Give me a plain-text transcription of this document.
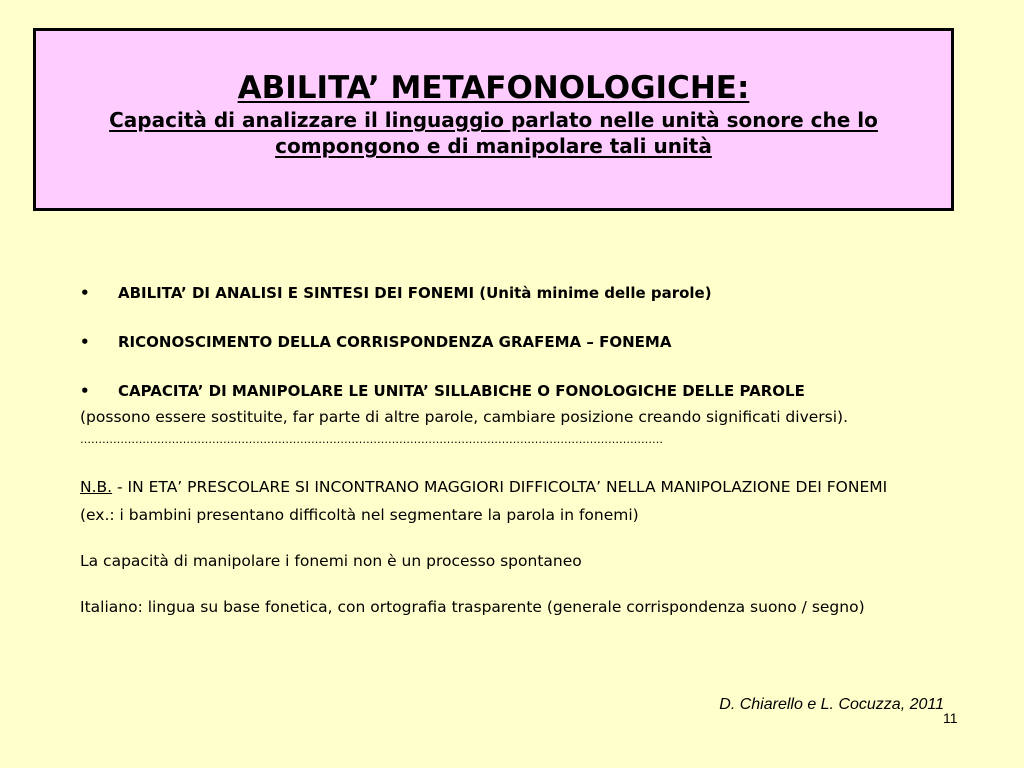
ABILITA’ METAFONOLOGICHE:
Capacità di analizzare il linguaggio parlato nelle unità sonore che lo compongono e di manipolare tali unità
• ABILITA’ DI ANALISI E SINTESI DEI FONEMI (Unità minime delle parole)
• RICONOSCIMENTO DELLA CORRISPONDENZA GRAFEMA – FONEMA
• CAPACITA’ DI MANIPOLARE LE UNITA’ SILLABICHE O FONOLOGICHE DELLE PAROLE
(possono essere sostituite, far parte di altre parole, cambiare posizione creando significati diversi).
……………………………………………………………………………………………………………………………………………
N.B. - IN ETA’ PRESCOLARE SI INCONTRANO MAGGIORI DIFFICOLTA’ NELLA MANIPOLAZIONE DEI FONEMI
(ex.: i bambini presentano difficoltà nel segmentare la parola in fonemi)
La capacità di manipolare i fonemi non è un processo spontaneo
Italiano: lingua su base fonetica, con ortografia trasparente (generale corrispondenza suono / segno)
D. Chiarello e L. Cocuzza, 2011
11
